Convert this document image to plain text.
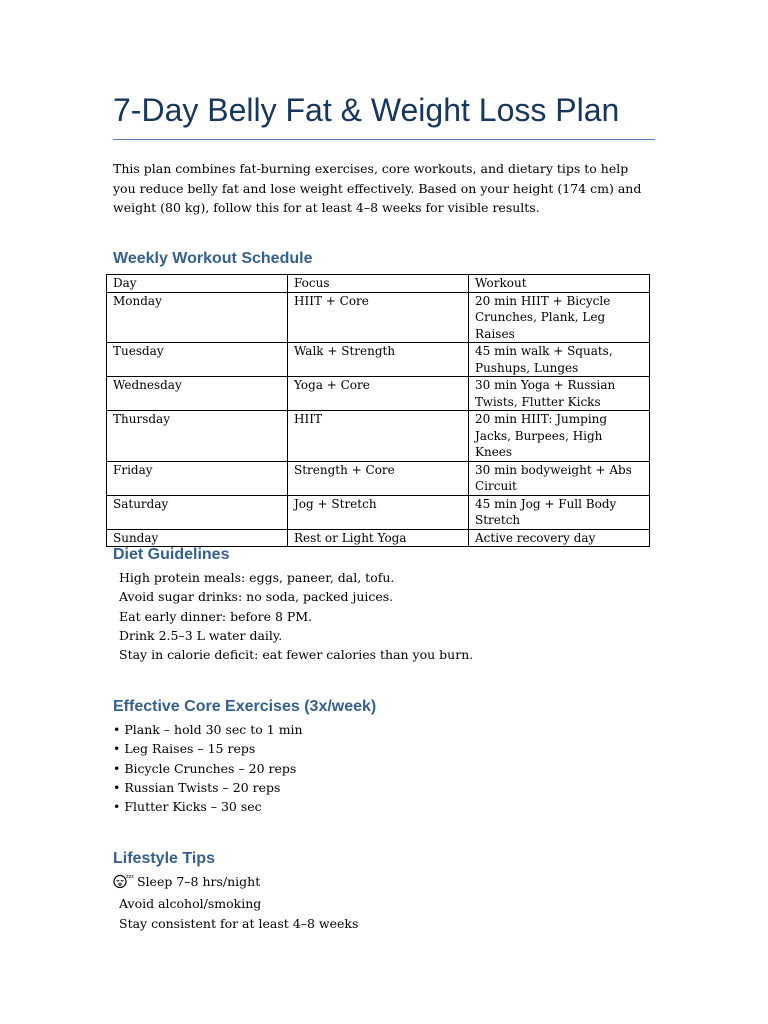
7-Day Belly Fat & Weight Loss Plan
This plan combines fat-burning exercises, core workouts, and dietary tips to help you reduce belly fat and lose weight effectively. Based on your height (174 cm) and weight (80 kg), follow this for at least 4–8 weeks for visible results.
Weekly Workout Schedule
Day	Focus	Workout
Monday	HIIT + Core	20 min HIIT + Bicycle Crunches, Plank, Leg Raises
Tuesday	Walk + Strength	45 min walk + Squats, Pushups, Lunges
Wednesday	Yoga + Core	30 min Yoga + Russian Twists, Flutter Kicks
Thursday	HIIT	20 min HIIT: Jumping Jacks, Burpees, High Knees
Friday	Strength + Core	30 min bodyweight + Abs Circuit
Saturday	Jog + Stretch	45 min Jog + Full Body Stretch
Sunday	Rest or Light Yoga	Active recovery day
Diet Guidelines
High protein meals: eggs, paneer, dal, tofu.
Avoid sugar drinks: no soda, packed juices.
Eat early dinner: before 8 PM.
Drink 2.5–3 L water daily.
Stay in calorie deficit: eat fewer calories than you burn.
Effective Core Exercises (3x/week)
• Plank – hold 30 sec to 1 min
• Leg Raises – 15 reps
• Bicycle Crunches – 20 reps
• Russian Twists – 20 reps
• Flutter Kicks – 30 sec
Lifestyle Tips
zzz Sleep 7–8 hrs/night
Avoid alcohol/smoking
Stay consistent for at least 4–8 weeks
